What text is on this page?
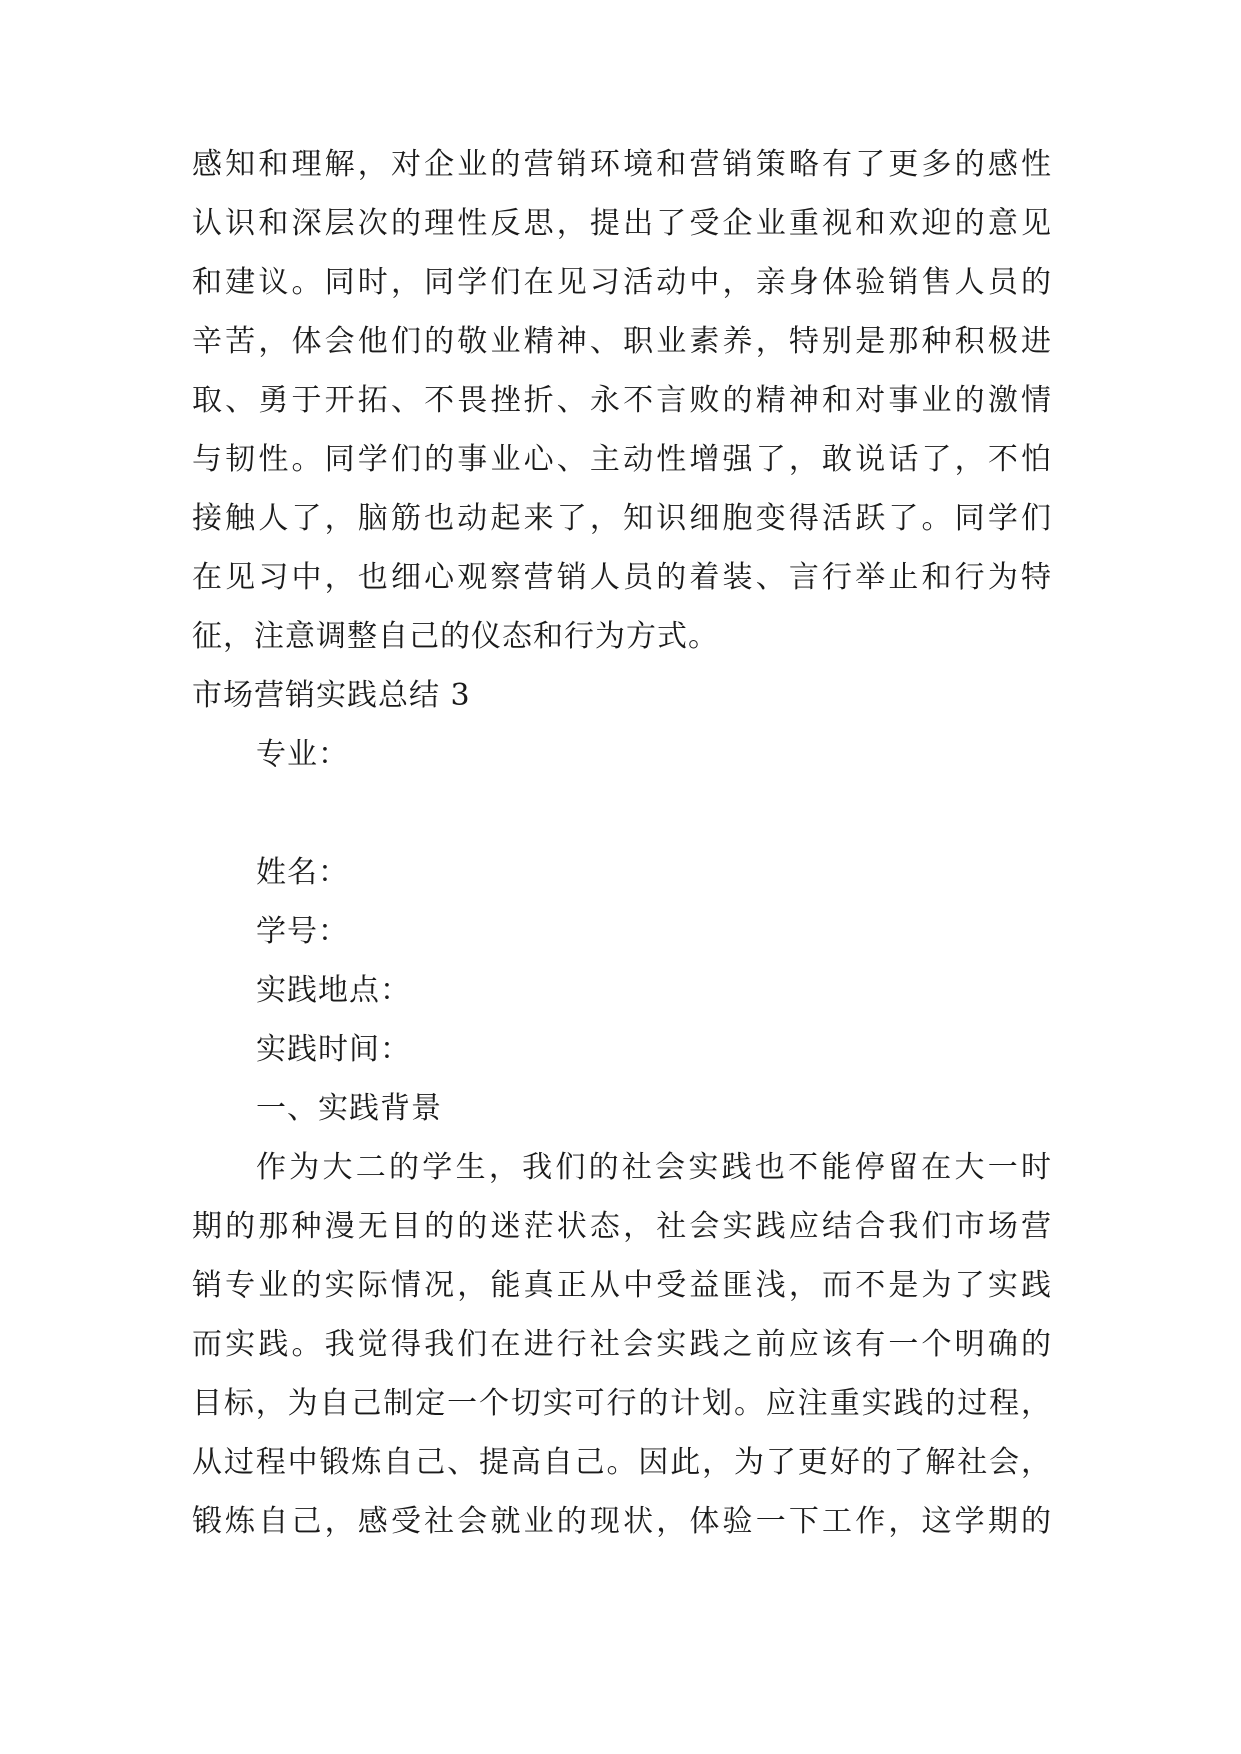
感知和理解，对企业的营销环境和营销策略有了更多的感性
认识和深层次的理性反思，提出了受企业重视和欢迎的意见
和建议。同时，同学们在见习活动中，亲身体验销售人员的
辛苦，体会他们的敬业精神、职业素养，特别是那种积极进
取、勇于开拓、不畏挫折、永不言败的精神和对事业的激情
与韧性。同学们的事业心、主动性增强了，敢说话了，不怕
接触人了，脑筋也动起来了，知识细胞变得活跃了。同学们
在见习中，也细心观察营销人员的着装、言行举止和行为特
征，注意调整自己的仪态和行为方式。
市场营销实践总结 3
专业：
姓名：
学号：
实践地点：
实践时间：
一、实践背景
作为大二的学生，我们的社会实践也不能停留在大一时
期的那种漫无目的的迷茫状态，社会实践应结合我们市场营
销专业的实际情况，能真正从中受益匪浅，而不是为了实践
而实践。我觉得我们在进行社会实践之前应该有一个明确的
目标，为自己制定一个切实可行的计划。应注重实践的过程，
从过程中锻炼自己、提高自己。因此，为了更好的了解社会，
锻炼自己，感受社会就业的现状，体验一下工作，这学期的
